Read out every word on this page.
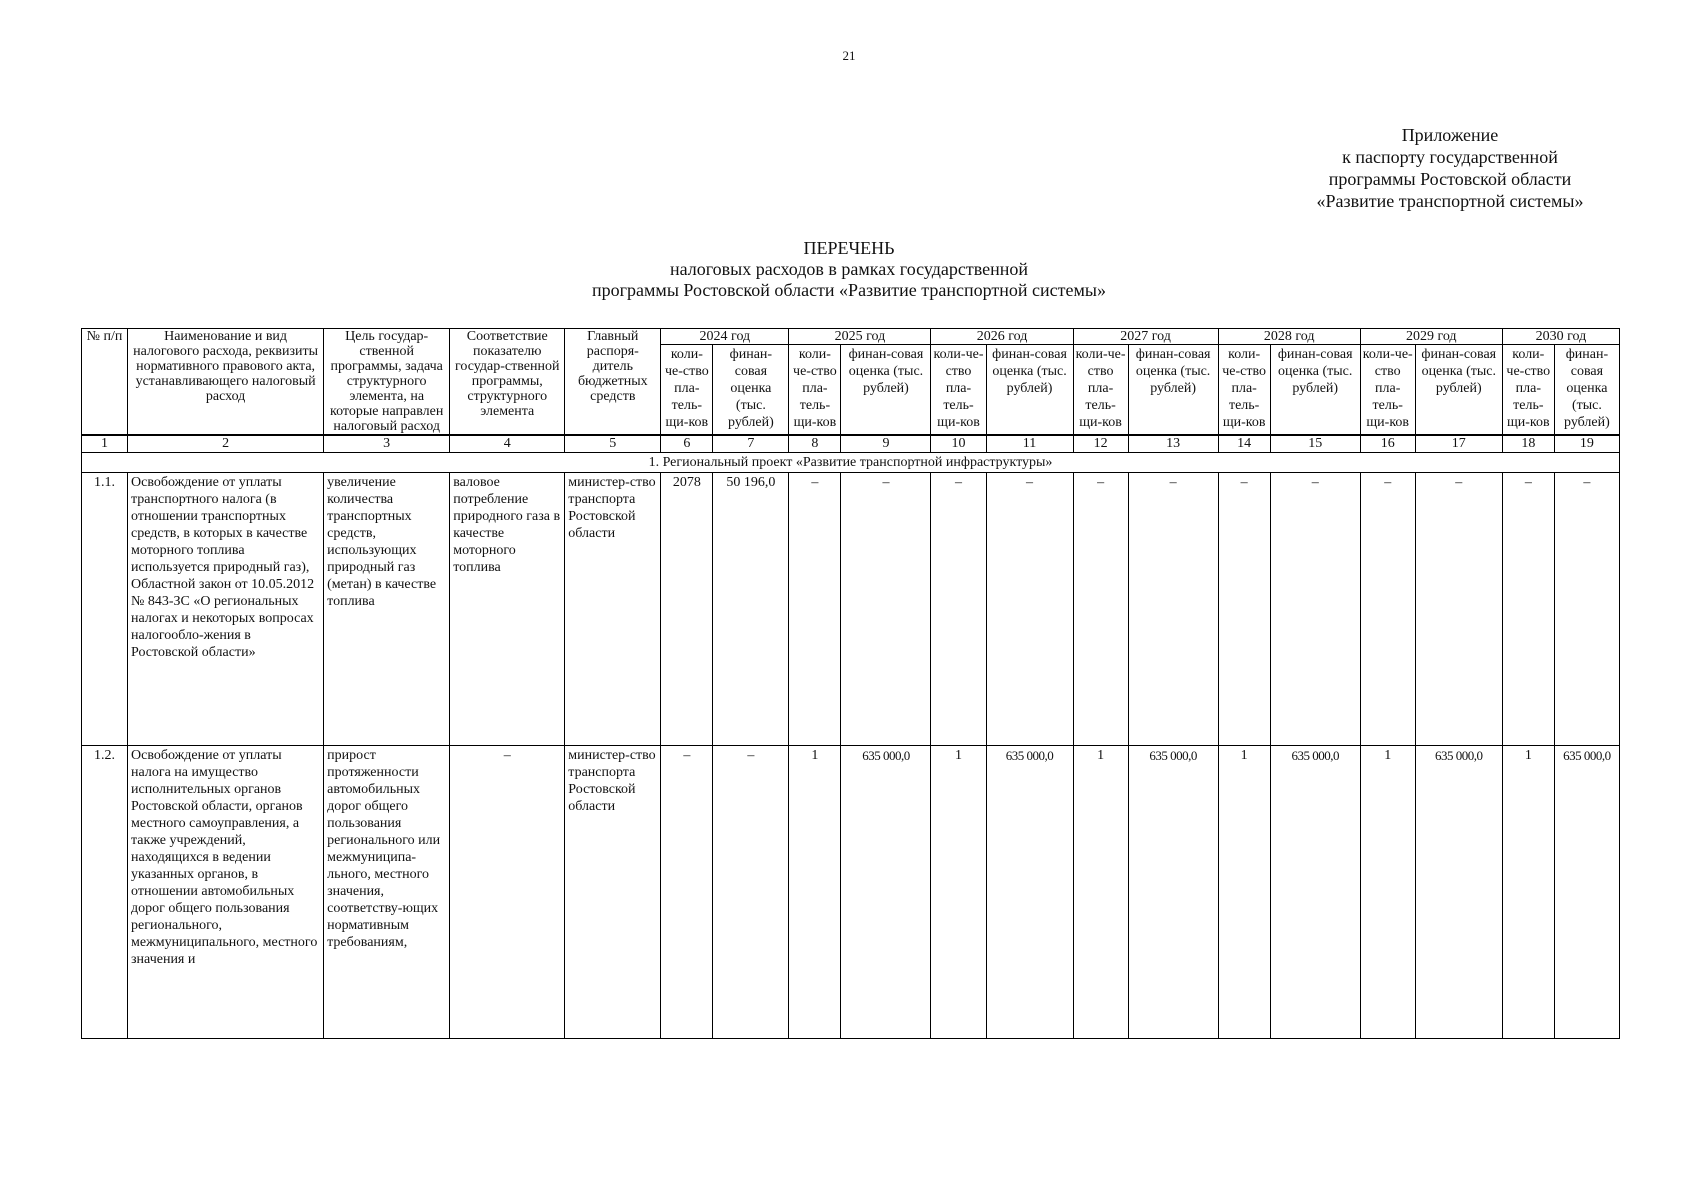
21
Приложение
к паспорту государственной
программы Ростовской области
«Развитие транспортной системы»
ПЕРЕЧЕНЬ
налоговых расходов в рамках государственной
программы Ростовской области «Развитие транспортной системы»
№ п/п	Наименование и вид налогового расхода, реквизиты нормативного правового акта, устанавливающего налоговый расход	Цель государ-ственной программы, задача структурного элемента, на которые направлен налоговый расход	Соответствие показателю государ-ственной программы, структурного элемента	Главный распоря-дитель бюджетных средств	2024 год		2025 год		2026 год		2027 год		2028 год		2029 год		2030 год	
					коли-че-ство пла-тель-щи-ков	финан-совая оценка (тыс. рублей)	коли-че-ство пла-тель-щи-ков	финан-совая оценка (тыс. рублей)	коли-че-ство пла-тель-щи-ков	финан-совая оценка (тыс. рублей)	коли-че-ство пла-тель-щи-ков	финан-совая оценка (тыс. рублей)	коли-че-ство пла-тель-щи-ков	финан-совая оценка (тыс. рублей)	коли-че-ство пла-тель-щи-ков	финан-совая оценка (тыс. рублей)	коли-че-ство пла-тель-щи-ков	финан-совая оценка (тыс. рублей)
1	2	3	4	5	6	7	8	9	10	11	12	13	14	15	16	17	18	19
1. Региональный проект «Развитие транспортной инфраструктуры»																		
1.1.	Освобождение от уплаты транспортного налога (в отношении транспортных средств, в которых в качестве моторного топлива используется природный газ), Областной закон от 10.05.2012 № 843-ЗС «О региональных налогах и некоторых вопросах налогообло-жения в Ростовской области»	увеличение количества транспортных средств, использующих природный газ (метан) в качестве топлива	валовое потребление природного газа в качестве моторного топлива	министер-ство транспорта Ростовской области	2078	50 196,0	–	–	–	–	–	–	–	–	–	–	–	–
1.2.	Освобождение от уплаты налога на имущество исполнительных органов Ростовской области, органов местного самоуправления, а также учреждений, находящихся в ведении указанных органов, в отношении автомобильных дорог общего пользования регионального, межмуниципального, местного значения и	прирост протяженности автомобильных дорог общего пользования регионального или межмуниципа-льного, местного значения, соответству-ющих нормативным требованиям,	–	министер-ство транспорта Ростовской области	–	–	1	635 000,0	1	635 000,0	1	635 000,0	1	635 000,0	1	635 000,0	1	635 000,0
